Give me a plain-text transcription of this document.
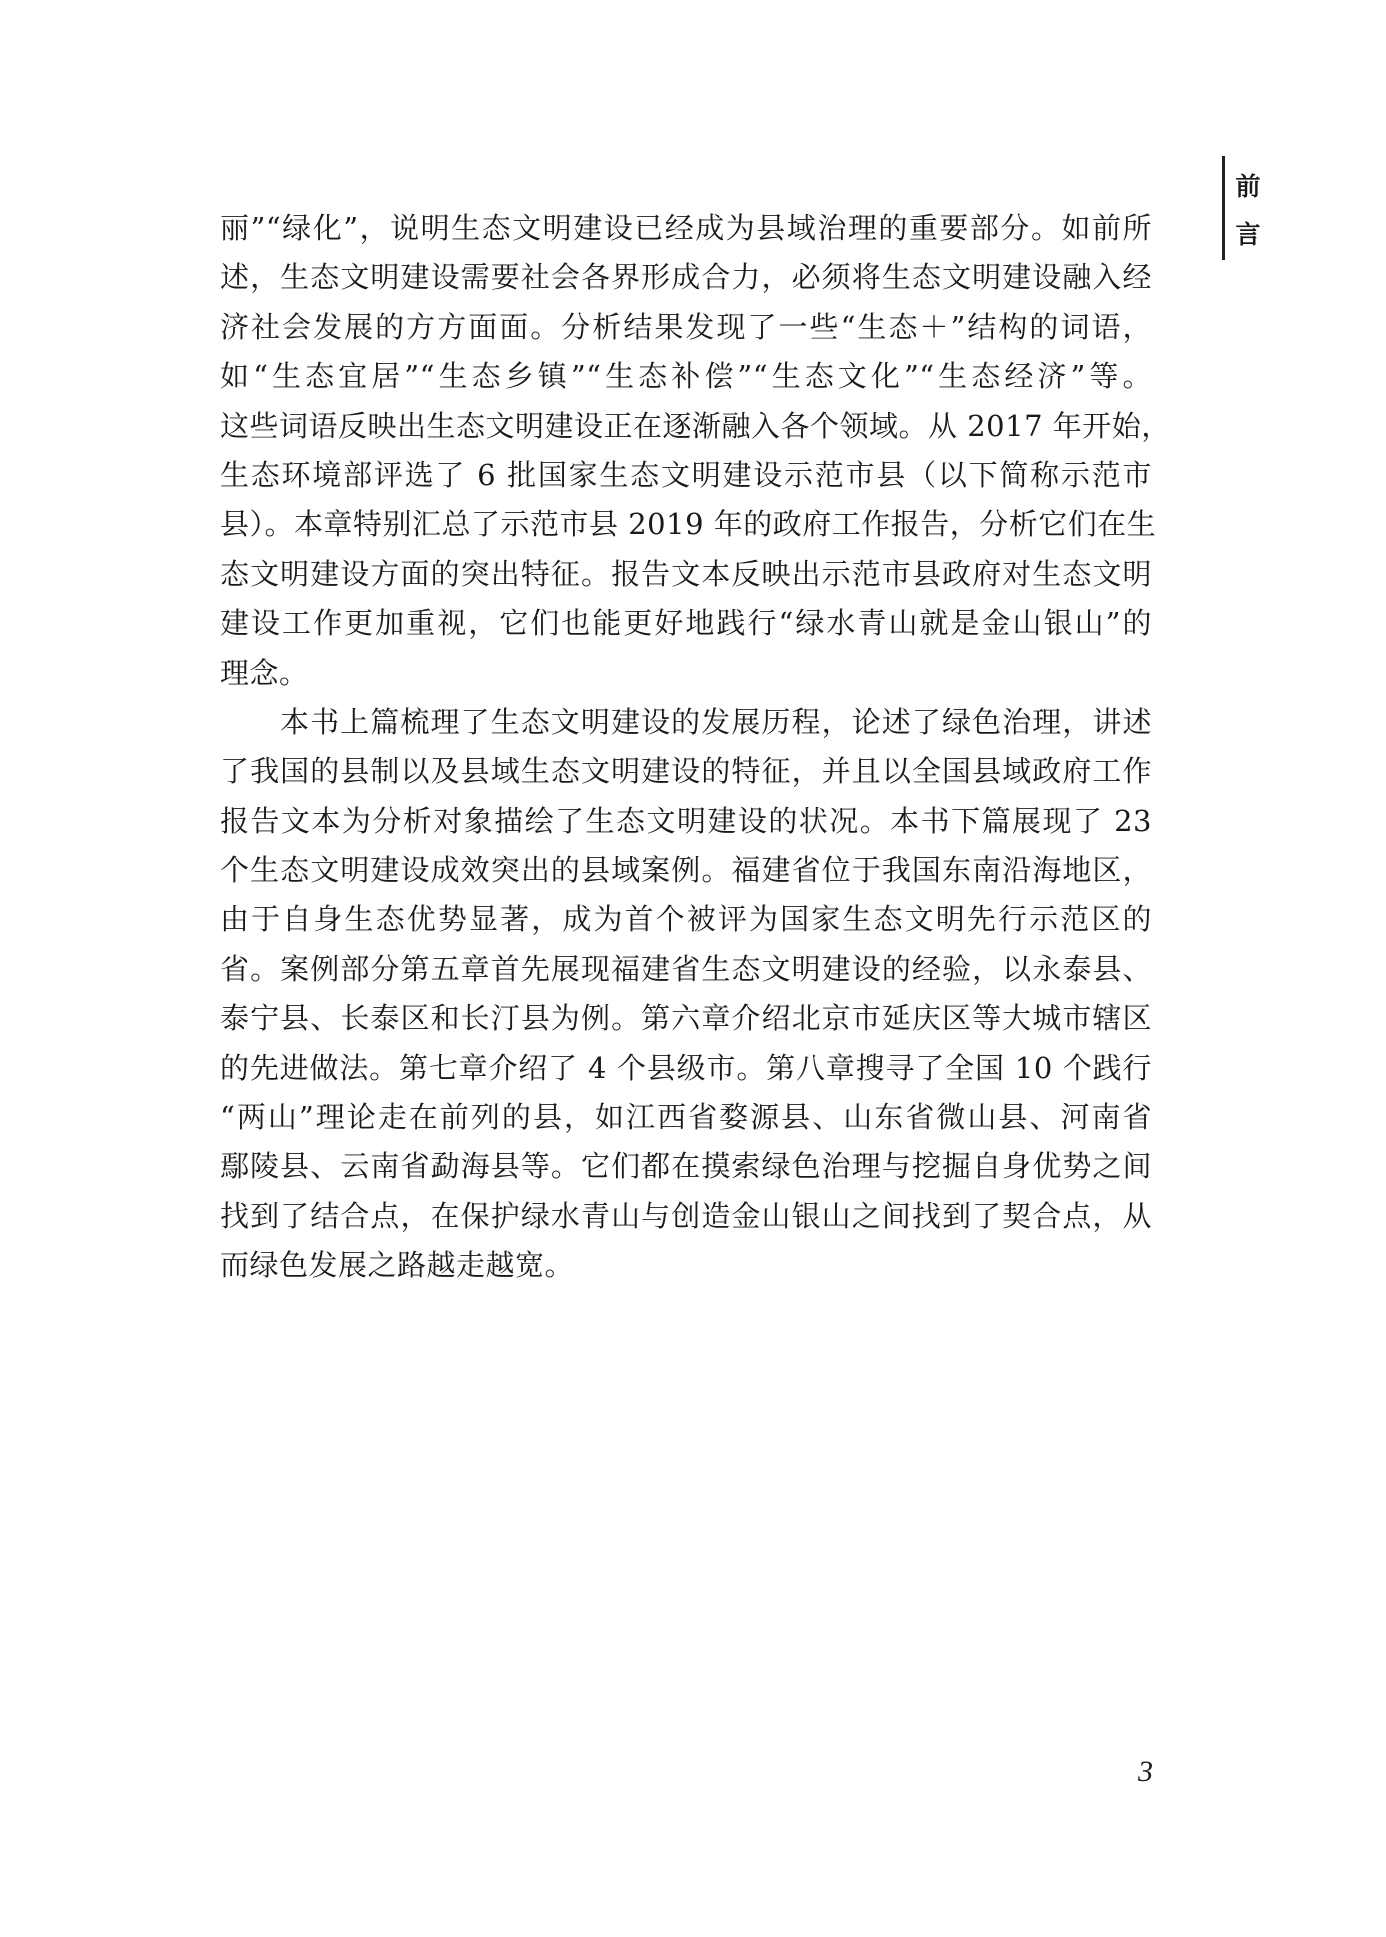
前
言
丽”“绿化”，说明生态文明建设已经成为县域治理的重要部分。如前所
述，生态文明建设需要社会各界形成合力，必须将生态文明建设融入经
济社会发展的方方面面。分析结果发现了一些“生态＋”结构的词语，
如“生态宜居”“生态乡镇”“生态补偿”“生态文化”“生态经济”等。
这些词语反映出生态文明建设正在逐渐融入各个领域。从 2017 年开始，
生态环境部评选了 6 批国家生态文明建设示范市县（以下简称示范市
县）。本章特别汇总了示范市县 2019 年的政府工作报告，分析它们在生
态文明建设方面的突出特征。报告文本反映出示范市县政府对生态文明
建设工作更加重视，它们也能更好地践行“绿水青山就是金山银山”的
理念。
本书上篇梳理了生态文明建设的发展历程，论述了绿色治理，讲述
了我国的县制以及县域生态文明建设的特征，并且以全国县域政府工作
报告文本为分析对象描绘了生态文明建设的状况。本书下篇展现了 23
个生态文明建设成效突出的县域案例。福建省位于我国东南沿海地区，
由于自身生态优势显著，成为首个被评为国家生态文明先行示范区的
省。案例部分第五章首先展现福建省生态文明建设的经验，以永泰县、
泰宁县、长泰区和长汀县为例。第六章介绍北京市延庆区等大城市辖区
的先进做法。第七章介绍了 4 个县级市。第八章搜寻了全国 10 个践行
“两山”理论走在前列的县，如江西省婺源县、山东省微山县、河南省
鄢陵县、云南省勐海县等。它们都在摸索绿色治理与挖掘自身优势之间
找到了结合点，在保护绿水青山与创造金山银山之间找到了契合点，从
而绿色发展之路越走越宽。
3
